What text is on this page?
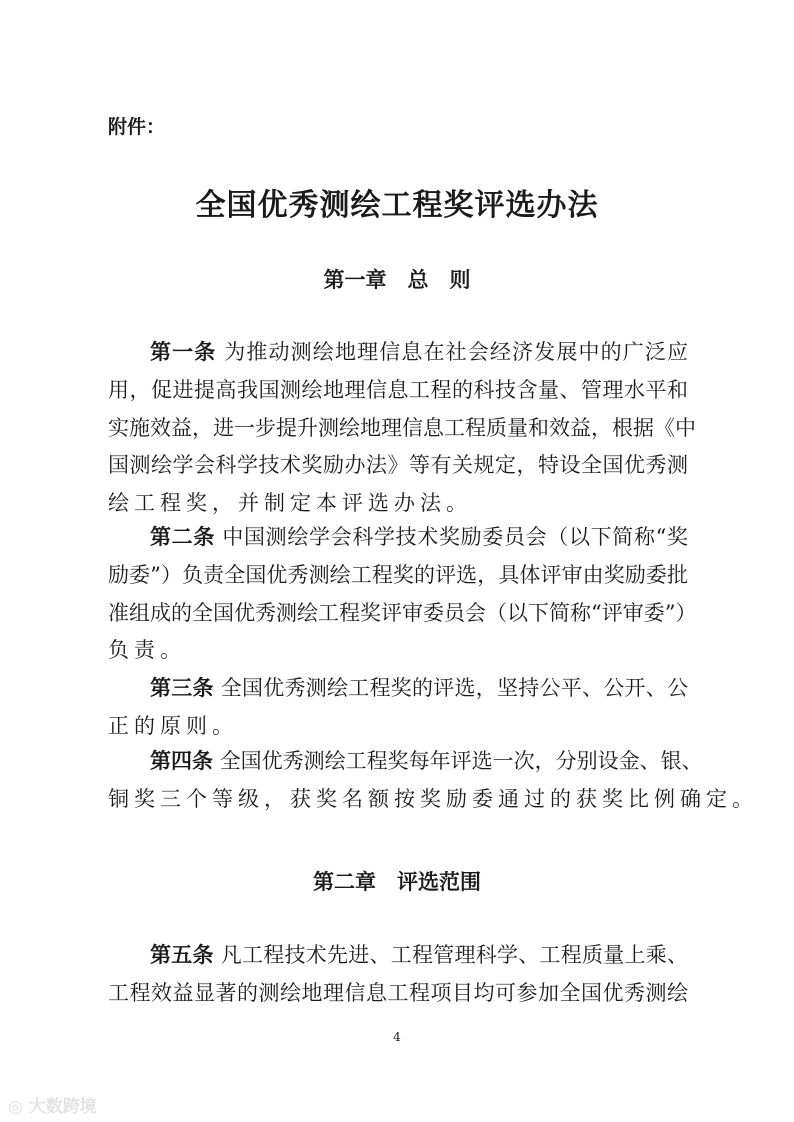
附件：
全国优秀测绘工程奖评选办法
第一章　总　则
第一条 为推动测绘地理信息在社会经济发展中的广泛应
用，促进提高我国测绘地理信息工程的科技含量、管理水平和
实施效益，进一步提升测绘地理信息工程质量和效益，根据《中
国测绘学会科学技术奖励办法》等有关规定，特设全国优秀测
绘工程奖，并制定本评选办法。
第二条 中国测绘学会科学技术奖励委员会（以下简称“奖
励委”）负责全国优秀测绘工程奖的评选，具体评审由奖励委批
准组成的全国优秀测绘工程奖评审委员会（以下简称“评审委”）
负责。
第三条 全国优秀测绘工程奖的评选，坚持公平、公开、公
正的原则。
第四条 全国优秀测绘工程奖每年评选一次，分别设金、银、
铜奖三个等级，获奖名额按奖励委通过的获奖比例确定。
第二章　评选范围
第五条 凡工程技术先进、工程管理科学、工程质量上乘、
工程效益显著的测绘地理信息工程项目均可参加全国优秀测绘
4
◎ 大数跨境
